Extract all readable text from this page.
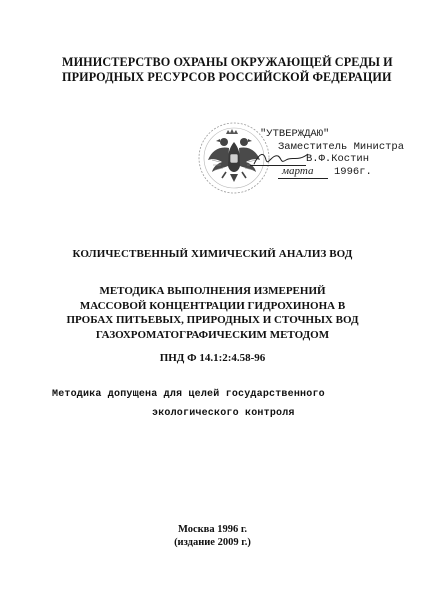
МИНИСТЕРСТВО ОХРАНЫ ОКРУЖАЮЩЕЙ СРЕДЫ И
ПРИРОДНЫХ РЕСУРСОВ РОССИЙСКОЙ ФЕДЕРАЦИИ
"УТВЕРЖДАЮ"
Заместитель Министра
В.Ф.Костин
1996г.
марта
КОЛИЧЕСТВЕННЫЙ ХИМИЧЕСКИЙ АНАЛИЗ ВОД
МЕТОДИКА ВЫПОЛНЕНИЯ ИЗМЕРЕНИЙ
МАССОВОЙ КОНЦЕНТРАЦИИ ГИДРОХИНОНА В
ПРОБАХ ПИТЬЕВЫХ, ПРИРОДНЫХ И СТОЧНЫХ ВОД
ГАЗОХРОМАТОГРАФИЧЕСКИМ МЕТОДОМ
ПНД Ф 14.1:2:4.58-96
Методика допущена для целей государственного
экологического контроля
Москва 1996 г.
(издание 2009 г.)
